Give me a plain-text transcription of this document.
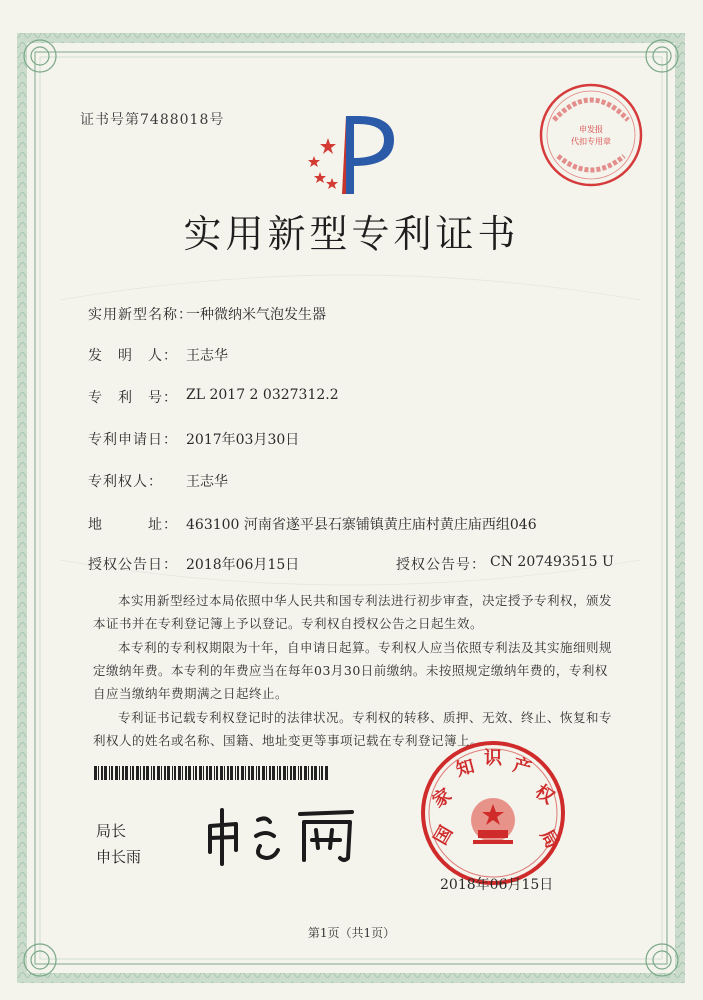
证书号第7488018号
实用新型专利证书
申发报
代扣专用章
实用新型名称：
一种微纳米气泡发生器
发　明　人： 王志华
专　利　号： ZL 2017 2 0327312.2
专利申请日： 2017年03月30日
专利权人： 王志华
地　　　址： 463100 河南省遂平县石寨铺镇黄庄庙村黄庄庙西组046
授权公告日： 2018年06月15日	授权公告号： CN 207493515 U
本实用新型经过本局依照中华人民共和国专利法进行初步审查，决定授予专利权，颁发
本证书并在专利登记簿上予以登记。专利权自授权公告之日起生效。
本专利的专利权期限为十年，自申请日起算。专利权人应当依照专利法及其实施细则规
定缴纳年费。本专利的年费应当在每年03月30日前缴纳。未按照规定缴纳年费的，专利权
自应当缴纳年费期满之日起终止。
专利证书记载专利权登记时的法律状况。专利权的转移、质押、无效、终止、恢复和专
利权人的姓名或名称、国籍、地址变更等事项记载在专利登记簿上。
局长
申长雨
国
家
知 识 产
权
局
2018年06月15日
第1页（共1页）
